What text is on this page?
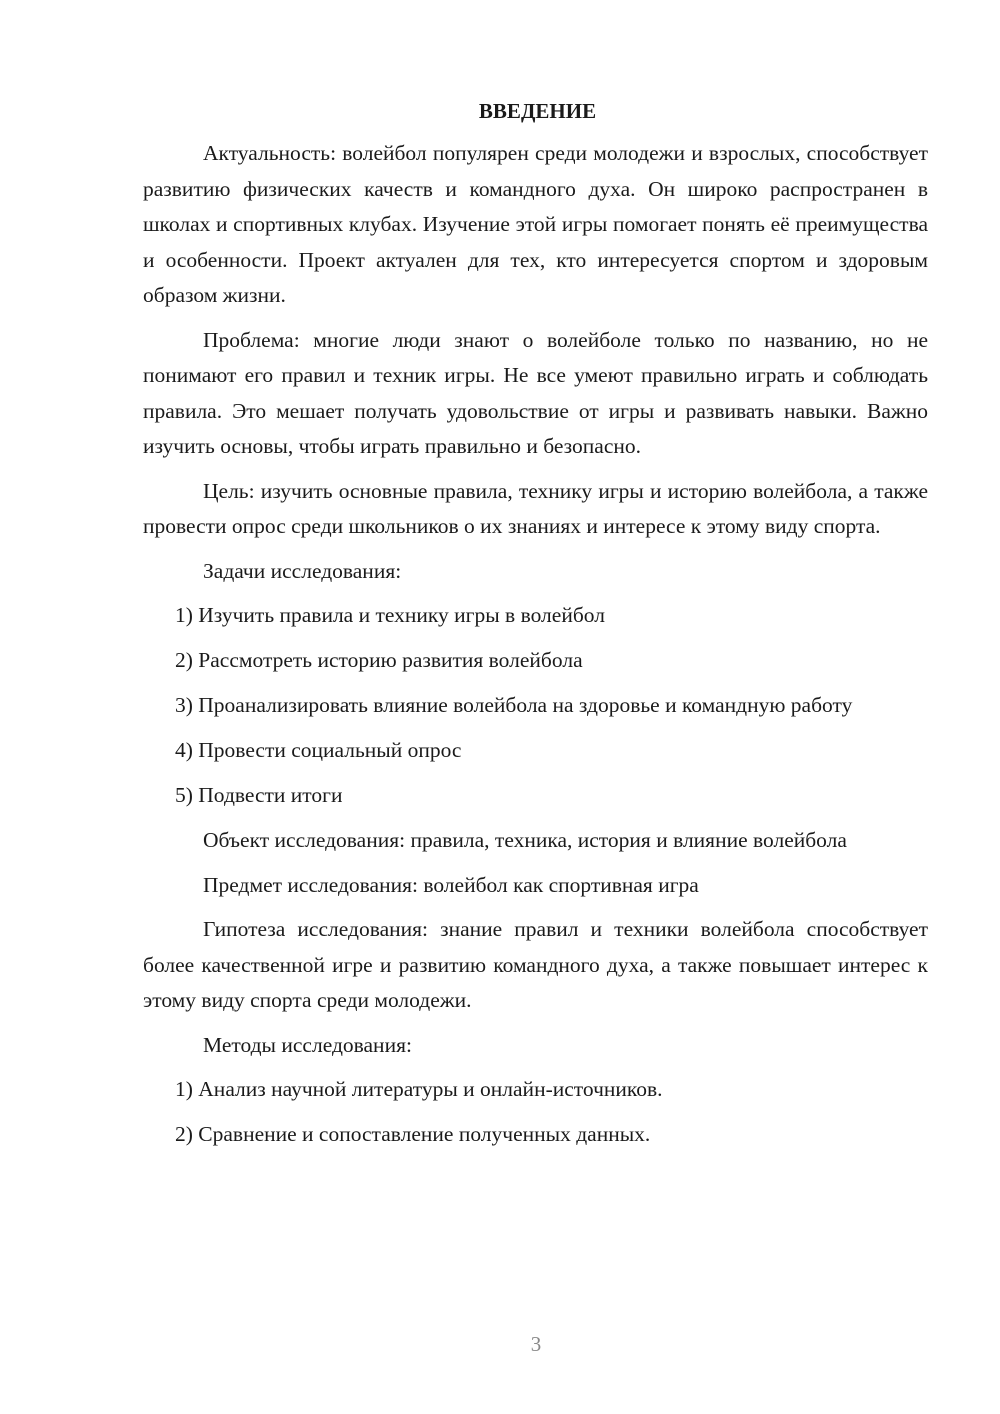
ВВЕДЕНИЕ

Актуальность: волейбол популярен среди молодежи и взрослых, способствует развитию физических качеств и командного духа. Он широко распространен в школах и спортивных клубах. Изучение этой игры помогает понять её преимущества и особенности. Проект актуален для тех, кто интересуется спортом и здоровым образом жизни.

Проблема: многие люди знают о волейболе только по названию, но не понимают его правил и техник игры. Не все умеют правильно играть и соблюдать правила. Это мешает получать удовольствие от игры и развивать навыки. Важно изучить основы, чтобы играть правильно и безопасно.

Цель: изучить основные правила, технику игры и историю волейбола, а также провести опрос среди школьников о их знаниях и интересе к этому виду спорта.

Задачи исследования:

1) Изучить правила и технику игры в волейбол

2) Рассмотреть историю развития волейбола

3) Проанализировать влияние волейбола на здоровье и командную работу

4) Провести социальный опрос

5) Подвести итоги

Объект исследования: правила, техника, история и влияние волейбола

Предмет исследования: волейбол как спортивная игра

Гипотеза исследования: знание правил и техники волейбола способствует более качественной игре и развитию командного духа, а также повышает интерес к этому виду спорта среди молодежи.

Методы исследования:

1) Анализ научной литературы и онлайн-источников.

2) Сравнение и сопоставление полученных данных.

3
